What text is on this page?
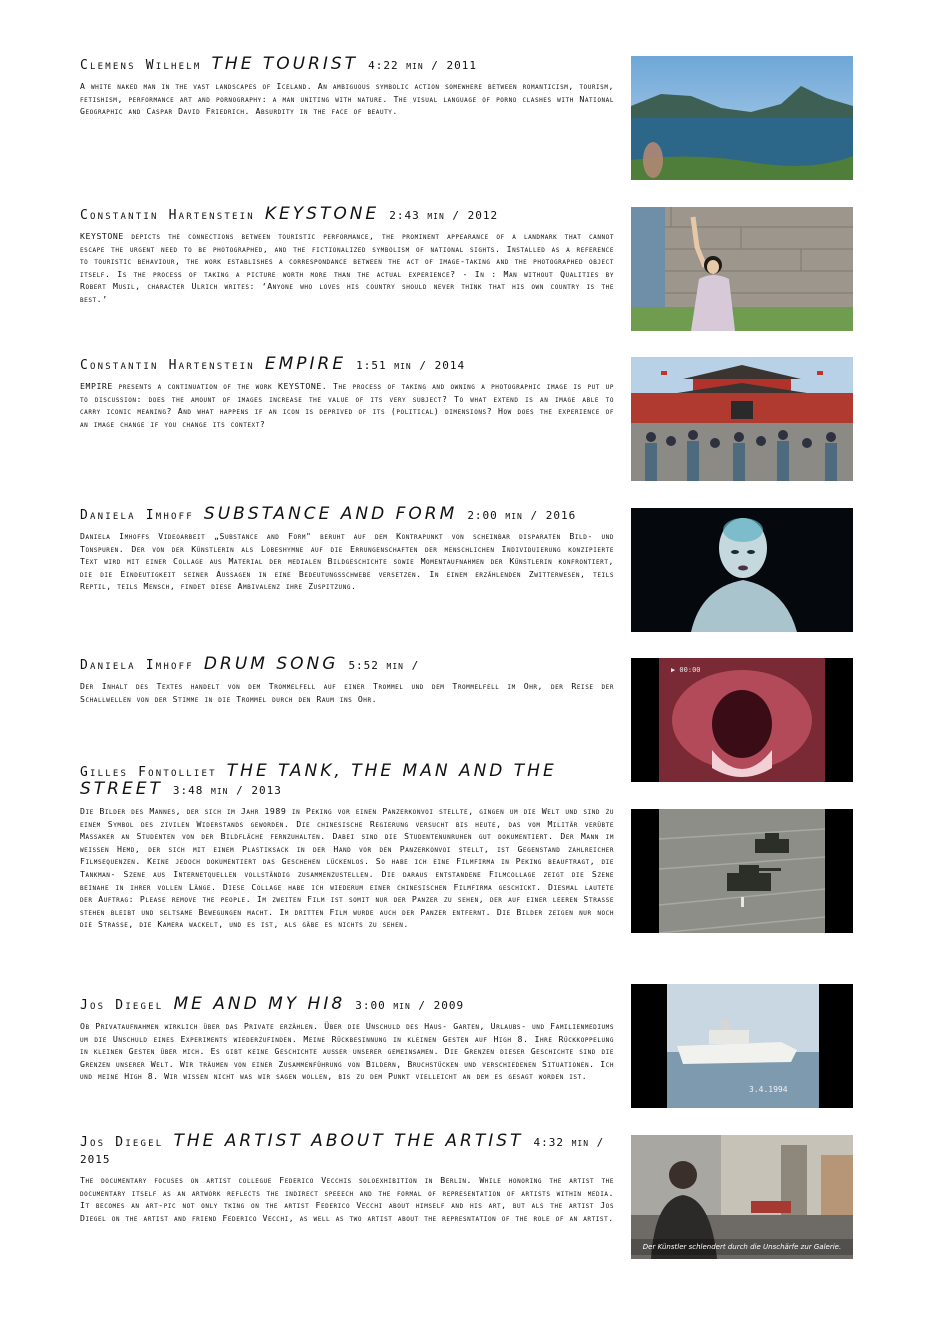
Clemens Wilhelm THE TOURIST 4:22 min / 2011

A white naked man in the vast landscapes of Iceland. An ambiguous symbolic action somewhere between romanticism, tourism, fetishism, performance art and pornography: a man uniting with nature. The visual language of porno clashes with National Geographic and Caspar David Friedrich. Absurdity in the face of beauty.

Constantin Hartenstein KEYSTONE 2:43 min / 2012

KEYSTONE depicts the connections between touristic performance, the prominent appearance of a landmark that cannot escape the urgent need to be photographed, and the fictionalized symbolism of national sights. Installed as a reference to touristic behaviour, the work establishes a correspondance between the act of image-taking and the photographed object itself. Is the process of taking a picture worth more than the actual experience? - In : Man without Qualities by Robert Musil, character Ulrich writes: ‘Anyone who loves his country should never think that his own country is the best.’

Constantin Hartenstein EMPIRE 1:51 min / 2014

EMPIRE presents a continuation of the work KEYSTONE. The process of taking and owning a photographic image is put up to discussion: does the amount of images increase the value of its very subject? To what extend is an image able to carry iconic meaning? And what happens if an icon is deprived of its (political) dimensions? How does the experience of an image change if you change its context?

Daniela Imhoff SUBSTANCE AND FORM 2:00 min / 2016

Daniela Imhoffs Videoarbeit „Substance and Form" beruht auf dem Kontrapunkt von scheinbar disparaten Bild- und Tonspuren. Der von der Künstlerin als Lobeshymne auf die Errungenschaften der menschlichen Individuierung konzipierte Text wird mit einer Collage aus Material der medialen Bildgeschichte sowie Momentaufnahmen der Künstlerin konfrontiert, die die Eindeutigkeit seiner Aussagen in eine Bedeutungsschwebe versetzen. In einem erzählenden Zwitterwesen, teils Reptil, teils Mensch, findet diese Ambivalenz ihre Zuspitzung.

Daniela Imhoff DRUM SONG 5:52 min /

Der Inhalt des Textes handelt von dem Trommelfell auf einer Trommel und dem Trommelfell im Ohr, der Reise der Schallwellen von der Stimme in die Trommel durch den Raum ins Ohr.

▶ 00:00

Gilles Fontolliet THE TANK, THE MAN AND THE STREET 3:48 min / 2013

Die Bilder des Mannes, der sich im Jahr 1989 in Peking vor einen Panzerkonvoi stellte, gingen um die Welt und sind zu einem Symbol des zivilen Widerstands geworden. Die chinesische Regierung versucht bis heute, das vom Militär verübte Massaker an Studenten von der Bildfläche fernzuhalten. Dabei sind die Studentenunruhen gut dokumentiert. Der Mann im weissen Hemd, der sich mit einem Plastiksack in der Hand vor den Panzerkonvoi stellt, ist Gegenstand zahlreicher Filmsequenzen. Keine jedoch dokumentiert das Geschehen lückenlos. So habe ich eine Filmfirma in Peking beauftragt, die Tankman- Szene aus Internetquellen vollständig zusammenzustellen. Die daraus entstandene Filmcollage zeigt die Szene beinahe in ihrer vollen Länge. Diese Collage habe ich wiederum einer chinesischen Filmfirma geschickt. Diesmal lautete der Auftrag: Please remove the people. Im zweiten Film ist somit nur der Panzer zu sehen, der auf einer leeren Strasse stehen bleibt und seltsame Bewegungen macht. Im dritten Film wurde auch der Panzer entfernt. Die Bilder zeigen nur noch die Strasse, die Kamera wackelt, und es ist, als gäbe es nichts zu sehen.

Jos Diegel ME AND MY HI8 3:00 min / 2009

Ob Privataufnahmen wirklich über das Private erzählen. Über die Unschuld des Haus- Garten, Urlaubs- und Familienmediums um die Unschuld eines Experiments wiederzufinden. Meine Rückbesinnung in kleinen Gesten auf High 8. Ihre Rückkoppelung in kleinen Gesten über mich. Es gibt keine Geschichte außer unserer gemeinsamen. Die Grenzen dieser Geschichte sind die Grenzen unserer Welt. Wir träumen von einer Zusammenführung von Bildern, Bruchstücken und verschiedenen Situationen. Ich und meine High 8. Wir wissen nicht was wir sagen wollen, bis zu dem Punkt vielleicht an dem es gesagt worden ist.

3.4.1994

Jos Diegel THE ARTIST ABOUT THE ARTIST 4:32 min / 2015

The documentary focuses on artist collegue Federico Vecchis soloexhibition in Berlin. While honoring the artist the documentary itself as an artwork reflects the indirect speeech and the formal of representation of artists within media. It becomes an art-pic not only tking on the artist Federico Vecchi about himself and his art, but als the artist Jos Diegel on the artist and friend Federico Vecchi, as well as two artist about the represntation of the role of an artist.

Der Künstler schlendert durch die Unschärfe zur Galerie.
